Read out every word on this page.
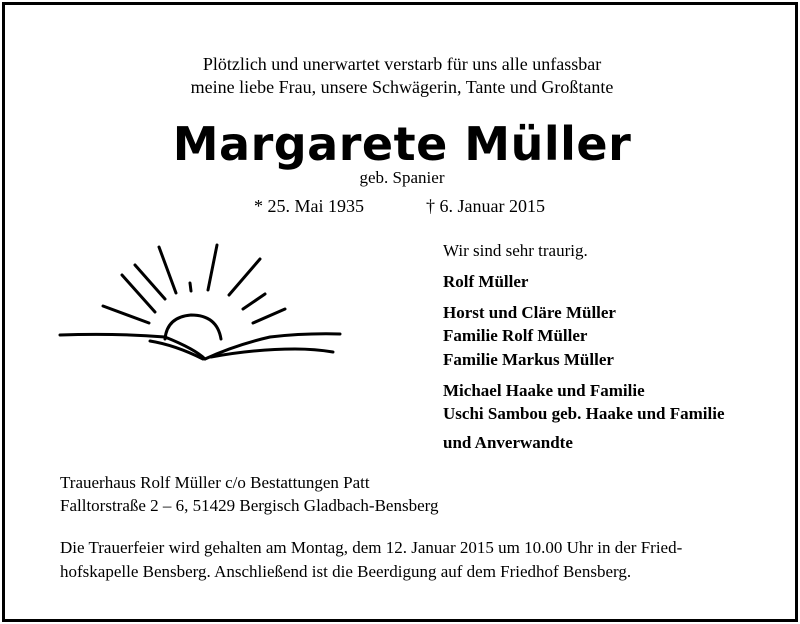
Plötzlich und unerwartet verstarb für uns alle unfassbar
meine liebe Frau, unsere Schwägerin, Tante und Großtante
Margarete Müller
geb. Spanier
* 25. Mai 1935	† 6. Januar 2015
Wir sind sehr traurig.
Rolf Müller
Horst und Cläre Müller
Familie Rolf Müller
Familie Markus Müller
Michael Haake und Familie
Uschi Sambou geb. Haake und Familie
und Anverwandte
Trauerhaus Rolf Müller c/o Bestattungen Patt
Falltorstraße 2 – 6, 51429 Bergisch Gladbach-Bensberg
Die Trauerfeier wird gehalten am Montag, dem 12. Januar 2015 um 10.00 Uhr in der Fried-
hofskapelle Bensberg. Anschließend ist die Beerdigung auf dem Friedhof Bensberg.
